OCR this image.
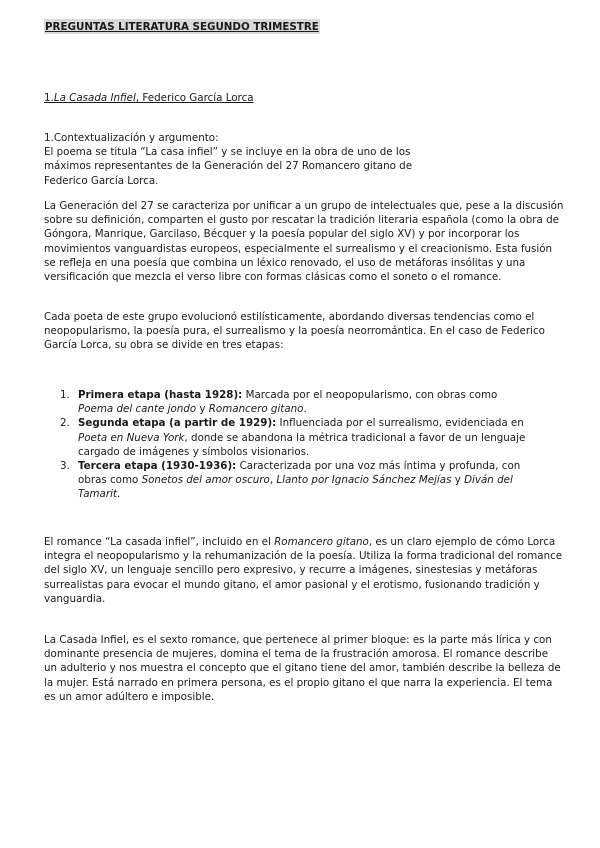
PREGUNTAS LITERATURA SEGUNDO TRIMESTRE

1.La Casada Infiel, Federico García Lorca

1.Contextualización y argumento:
El poema se titula “La casa infiel” y se incluye en la obra de uno de los máximos representantes de la Generación del 27 Romancero gitano de Federico García Lorca.

La Generación del 27 se caracteriza por unificar a un grupo de intelectuales que, pese a la discusión sobre su definición, comparten el gusto por rescatar la tradición literaria española (como la obra de Góngora, Manrique, Garcilaso, Bécquer y la poesía popular del siglo XV) y por incorporar los movimientos vanguardistas europeos, especialmente el surrealismo y el creacionismo. Esta fusión se refleja en una poesía que combina un léxico renovado, el uso de metáforas insólitas y una versificación que mezcla el verso libre con formas clásicas como el soneto o el romance.

Cada poeta de este grupo evolucionó estilísticamente, abordando diversas tendencias como el neopopularismo, la poesía pura, el surrealismo y la poesía neorromántica. En el caso de Federico García Lorca, su obra se divide en tres etapas:

1. Primera etapa (hasta 1928): Marcada por el neopopularismo, con obras como Poema del cante jondo y Romancero gitano.
2. Segunda etapa (a partir de 1929): Influenciada por el surrealismo, evidenciada en Poeta en Nueva York, donde se abandona la métrica tradicional a favor de un lenguaje cargado de imágenes y símbolos visionarios.
3. Tercera etapa (1930-1936): Caracterizada por una voz más íntima y profunda, con obras como Sonetos del amor oscuro, Llanto por Ignacio Sánchez Mejías y Diván del Tamarit.

El romance “La casada infiel”, incluido en el Romancero gitano, es un claro ejemplo de cómo Lorca integra el neopopularismo y la rehumanización de la poesía. Utiliza la forma tradicional del romance del siglo XV, un lenguaje sencillo pero expresivo, y recurre a imágenes, sinestesias y metáforas surrealistas para evocar el mundo gitano, el amor pasional y el erotismo, fusionando tradición y vanguardia.

La Casada Infiel, es el sexto romance, que pertenece al primer bloque: es la parte más lírica y con dominante presencia de mujeres, domina el tema de la frustración amorosa. El romance describe un adulterio y nos muestra el concepto que el gitano tiene del amor, también describe la belleza de la mujer. Está narrado en primera persona, es el propio gitano el que narra la experiencia. El tema es un amor adúltero e imposible.
